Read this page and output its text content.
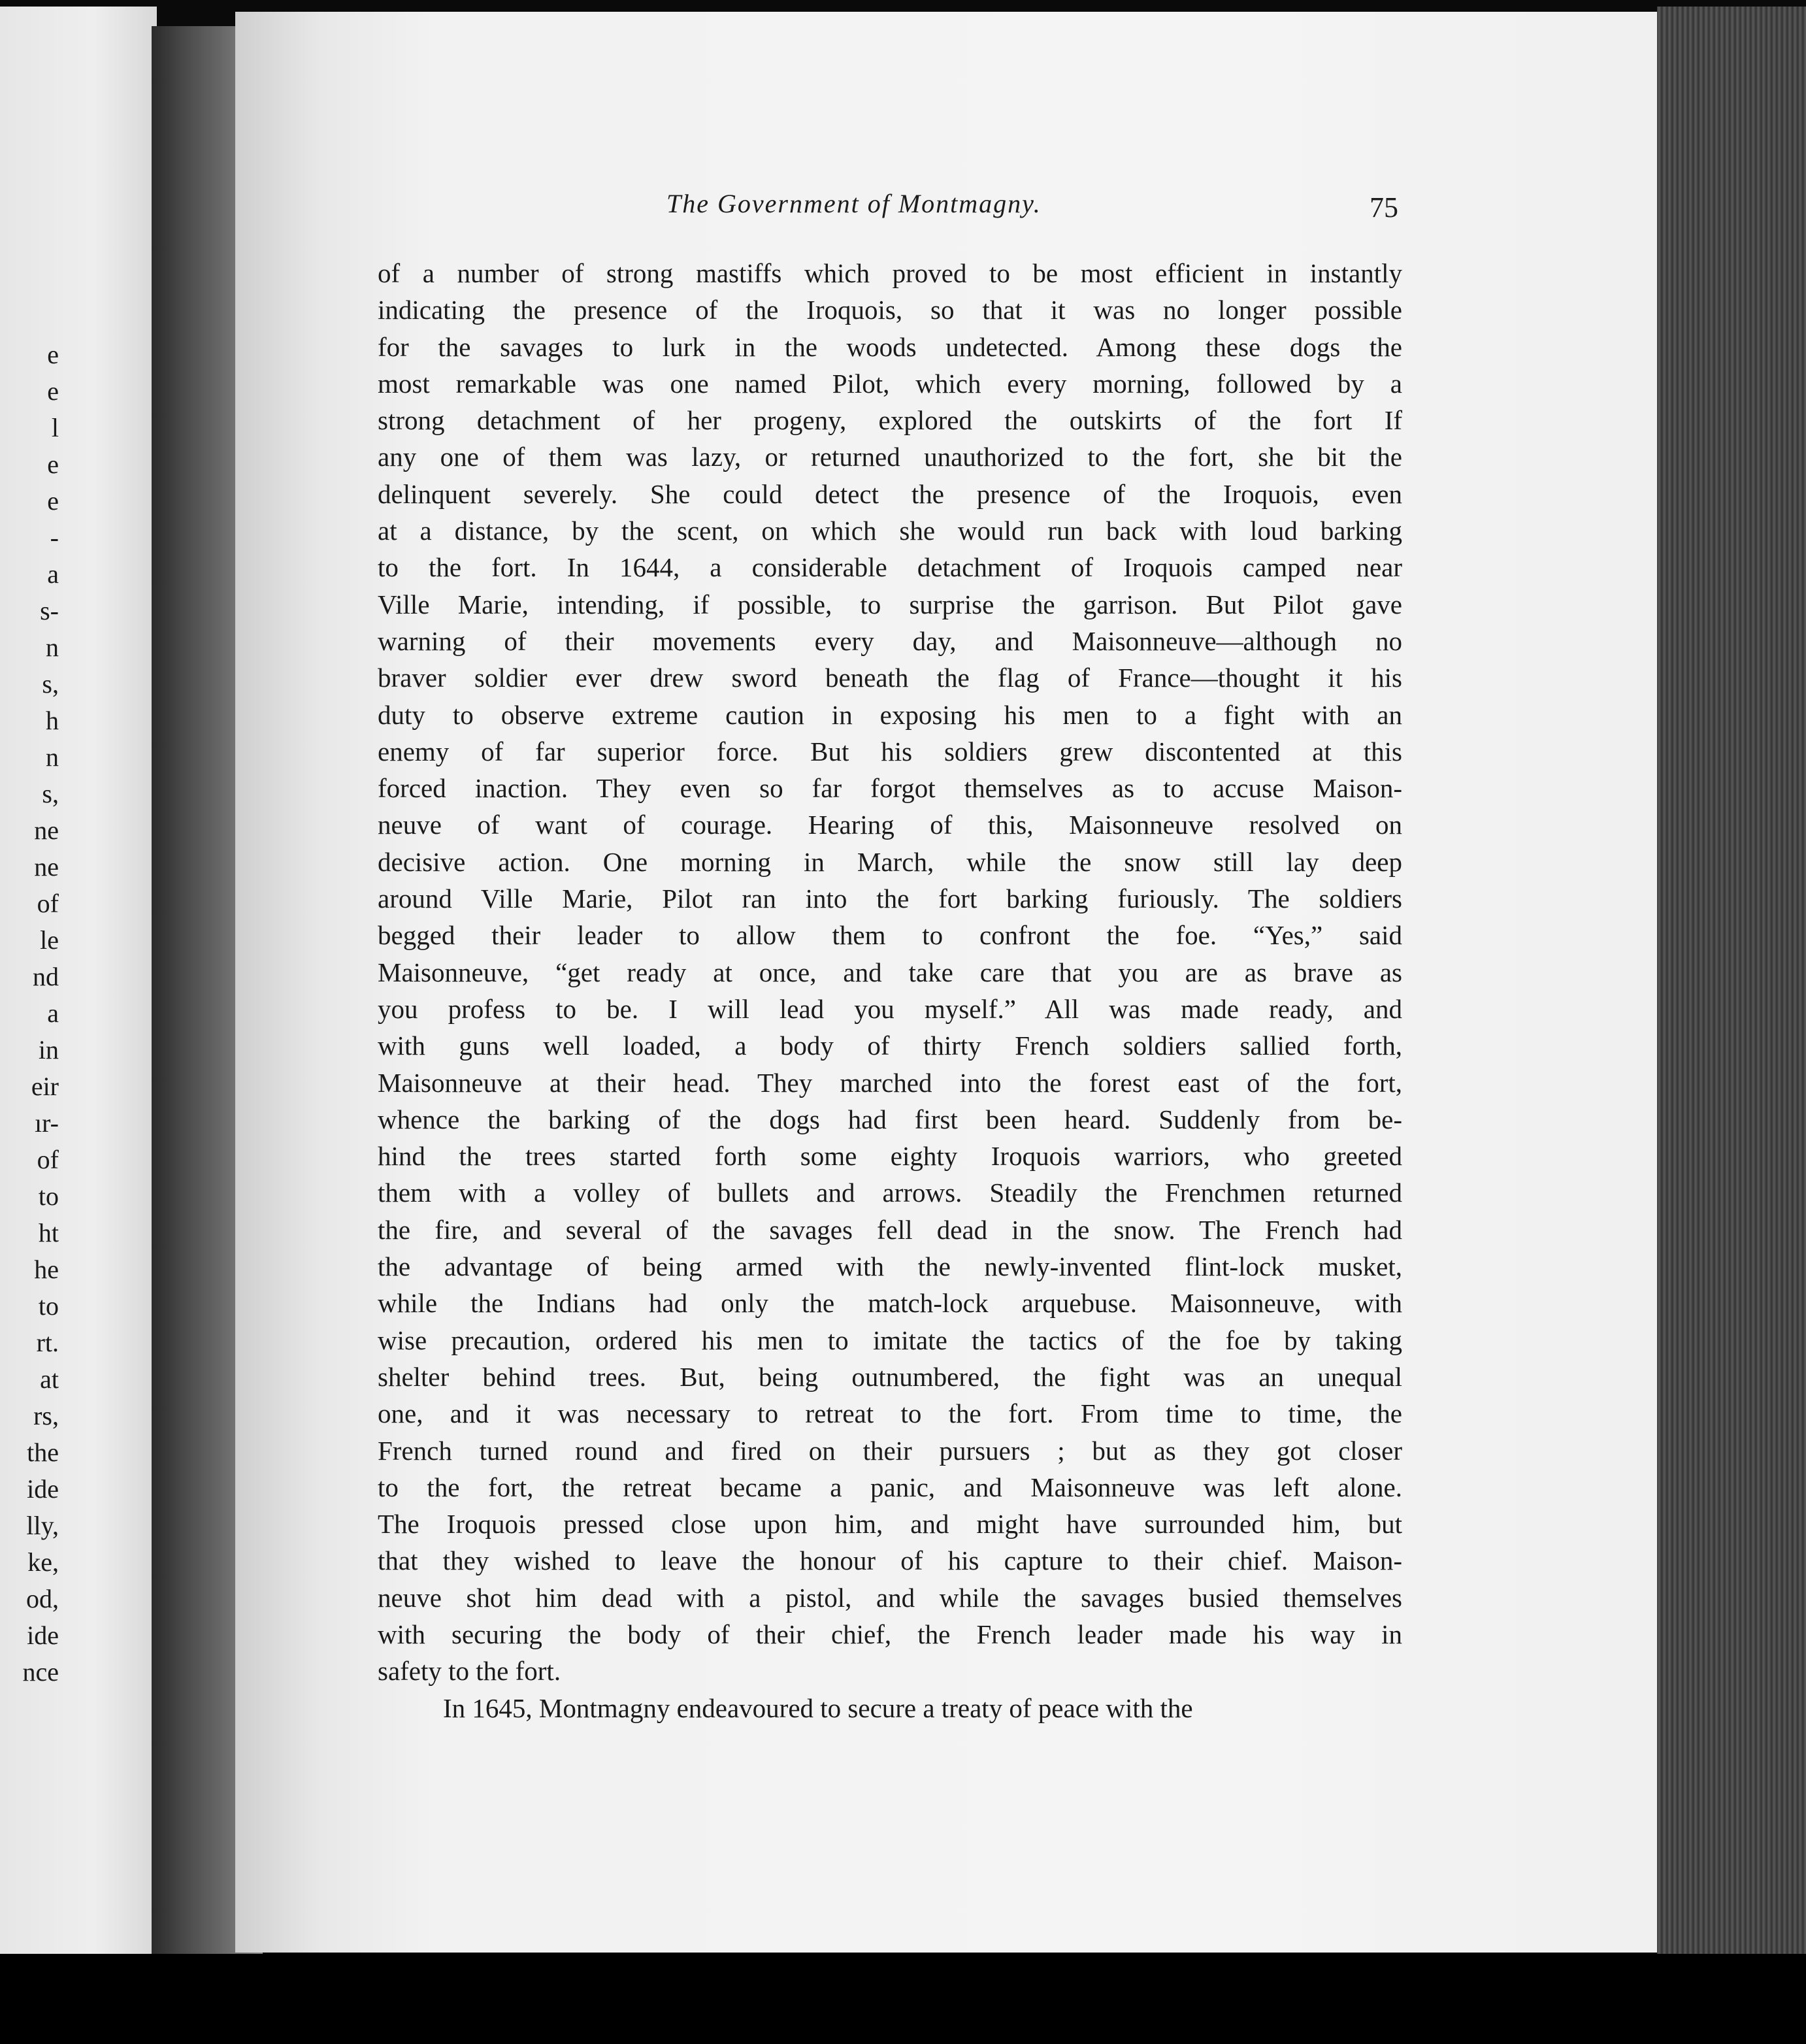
e
e
l
e
e
-
a
s-
n
s,
h
n
s,
ne
ne
of
le
nd
a
in
eir
ır-
of
to
ht
he
to
rt.
at
rs,
the
ide
lly,
ke,
od,
ide
nce
The Government of Montmagny.	75
of a number of strong mastiffs which proved to be most efficient in instantly
indicating the presence of the Iroquois, so that it was no longer possible
for the savages to lurk in the woods undetected. Among these dogs the
most remarkable was one named Pilot, which every morning, followed by a
strong detachment of her progeny, explored the outskirts of the fort If
any one of them was lazy, or returned unauthorized to the fort, she bit the
delinquent severely. She could detect the presence of the Iroquois, even
at a distance, by the scent, on which she would run back with loud barking
to the fort. In 1644, a considerable detachment of Iroquois camped near
Ville Marie, intending, if possible, to surprise the garrison. But Pilot gave
warning of their movements every day, and Maisonneuve—although no
braver soldier ever drew sword beneath the flag of France—thought it his
duty to observe extreme caution in exposing his men to a fight with an
enemy of far superior force. But his soldiers grew discontented at this
forced inaction. They even so far forgot themselves as to accuse Maison-
neuve of want of courage. Hearing of this, Maisonneuve resolved on
decisive action. One morning in March, while the snow still lay deep
around Ville Marie, Pilot ran into the fort barking furiously. The soldiers
begged their leader to allow them to confront the foe. “Yes,” said
Maisonneuve, “get ready at once, and take care that you are as brave as
you profess to be. I will lead you myself.” All was made ready, and
with guns well loaded, a body of thirty French soldiers sallied forth,
Maisonneuve at their head. They marched into the forest east of the fort,
whence the barking of the dogs had first been heard. Suddenly from be-
hind the trees started forth some eighty Iroquois warriors, who greeted
them with a volley of bullets and arrows. Steadily the Frenchmen returned
the fire, and several of the savages fell dead in the snow. The French had
the advantage of being armed with the newly-invented flint-lock musket,
while the Indians had only the match-lock arquebuse. Maisonneuve, with
wise precaution, ordered his men to imitate the tactics of the foe by taking
shelter behind trees. But, being outnumbered, the fight was an unequal
one, and it was necessary to retreat to the fort. From time to time, the
French turned round and fired on their pursuers ; but as they got closer
to the fort, the retreat became a panic, and Maisonneuve was left alone.
The Iroquois pressed close upon him, and might have surrounded him, but
that they wished to leave the honour of his capture to their chief. Maison-
neuve shot him dead with a pistol, and while the savages busied themselves
with securing the body of their chief, the French leader made his way in
safety to the fort.
In 1645, Montmagny endeavoured to secure a treaty of peace with the
